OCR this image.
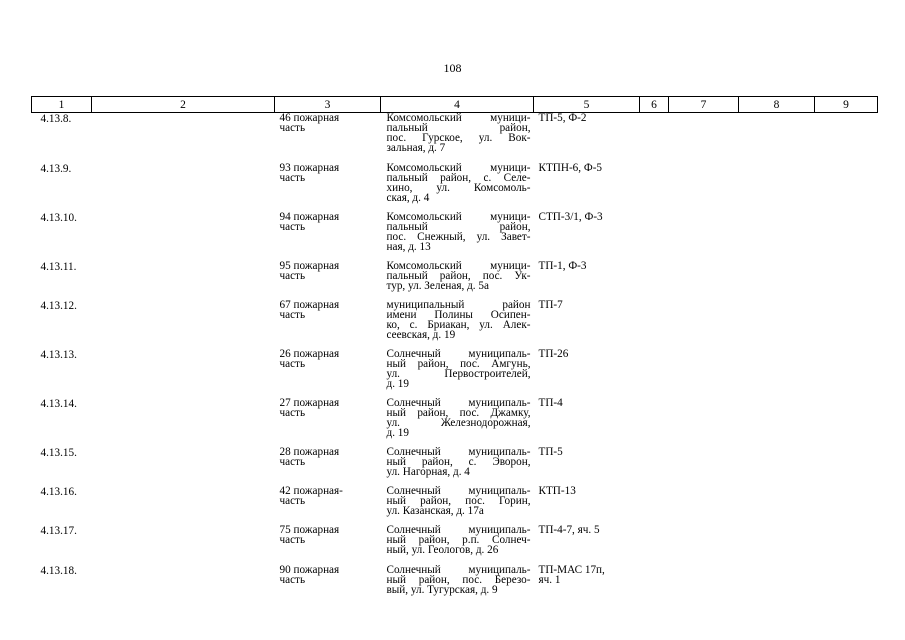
108
1	2	3	4	5	6	7	8	9
4.13.8.		46 пожарная
часть	Комсомольский муници-
пальный район,
пос. Гурское, ул. Вок-
зальная, д. 7	ТП-5, Ф-2				

4.13.9.		93 пожарная
часть	Комсомольский муници-
пальный район, с. Селе-
хино, ул. Комсомоль-
ская, д. 4	КТПН-6, Ф-5				

4.13.10.		94 пожарная
часть	Комсомольский муници-
пальный район,
пос. Снежный, ул. Завет-
ная, д. 13	СТП-3/1, Ф-3				

4.13.11.		95 пожарная
часть	Комсомольский муници-
пальный район, пос. Ук-
тур, ул. Зеленая, д. 5а	ТП-1, Ф-3				

4.13.12.		67 пожарная
часть	муниципальный район
имени Полины Осипен-
ко, с. Бриакан, ул. Алек-
сеевская, д. 19	ТП-7				

4.13.13.		26 пожарная
часть	Солнечный муниципаль-
ный район, пос. Амгунь,
ул. Первостроителей,
д. 19	ТП-26				

4.13.14.		27 пожарная
часть	Солнечный муниципаль-
ный район, пос. Джамку,
ул. Железнодорожная,
д. 19	ТП-4				

4.13.15.		28 пожарная
часть	Солнечный муниципаль-
ный район, с. Эворон,
ул. Нагорная, д. 4	ТП-5				

4.13.16.		42 пожарная-
часть	Солнечный муниципаль-
ный район, пос. Горин,
ул. Казанская, д. 17а	КТП-13				

4.13.17.		75 пожарная
часть	Солнечный муниципаль-
ный район, р.п. Солнеч-
ный, ул. Геологов, д. 26	ТП-4-7, яч. 5				

4.13.18.		90 пожарная
часть	Солнечный муниципаль-
ный район, пос. Березо-
вый, ул. Тугурская, д. 9	ТП-МАС 17п,
яч. 1				
